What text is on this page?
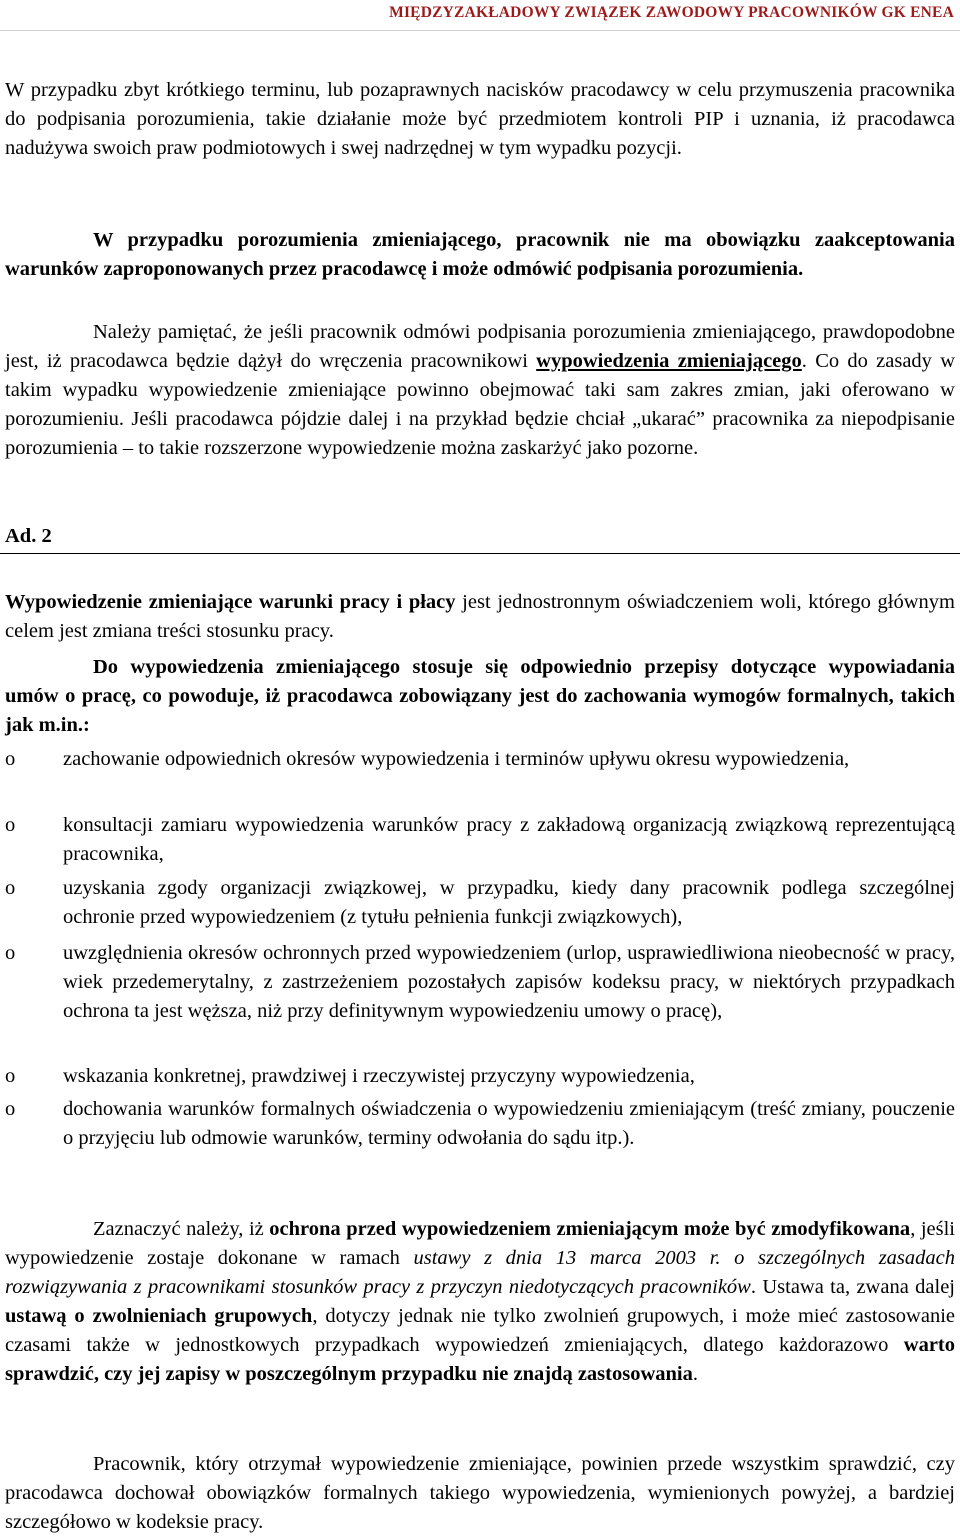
MIĘDZYZAKŁADOWY ZWIĄZEK ZAWODOWY PRACOWNIKÓW GK ENEA

W przypadku zbyt krótkiego terminu, lub pozaprawnych nacisków pracodawcy w celu przymuszenia pracownika do podpisania porozumienia, takie działanie może być przedmiotem kontroli PIP i uznania, iż pracodawca nadużywa swoich praw podmiotowych i swej nadrzędnej w tym wypadku pozycji.

W przypadku porozumienia zmieniającego, pracownik nie ma obowiązku zaakceptowania warunków zaproponowanych przez pracodawcę i może odmówić podpisania porozumienia.

Należy pamiętać, że jeśli pracownik odmówi podpisania porozumienia zmieniającego, prawdopodobne jest, iż pracodawca będzie dążył do wręczenia pracownikowi wypowiedzenia zmieniającego. Co do zasady w takim wypadku wypowiedzenie zmieniające powinno obejmować taki sam zakres zmian, jaki oferowano w porozumieniu. Jeśli pracodawca pójdzie dalej i na przykład będzie chciał „ukarać” pracownika za niepodpisanie porozumienia – to takie rozszerzone wypowiedzenie można zaskarżyć jako pozorne.

Ad. 2

Wypowiedzenie zmieniające warunki pracy i płacy jest jednostronnym oświadczeniem woli, którego głównym celem jest zmiana treści stosunku pracy.

Do wypowiedzenia zmieniającego stosuje się odpowiednio przepisy dotyczące wypowiadania umów o pracę, co powoduje, iż pracodawca zobowiązany jest do zachowania wymogów formalnych, takich jak m.in.:

o zachowanie odpowiednich okresów wypowiedzenia i terminów upływu okresu wypowiedzenia,
o konsultacji zamiaru wypowiedzenia warunków pracy z zakładową organizacją związkową reprezentującą pracownika,
o uzyskania zgody organizacji związkowej, w przypadku, kiedy dany pracownik podlega szczególnej ochronie przed wypowiedzeniem (z tytułu pełnienia funkcji związkowych),
o uwzględnienia okresów ochronnych przed wypowiedzeniem (urlop, usprawiedliwiona nieobecność w pracy, wiek przedemerytalny, z zastrzeżeniem pozostałych zapisów kodeksu pracy, w niektórych przypadkach ochrona ta jest węższa, niż przy definitywnym wypowiedzeniu umowy o pracę),
o wskazania konkretnej, prawdziwej i rzeczywistej przyczyny wypowiedzenia,
o dochowania warunków formalnych oświadczenia o wypowiedzeniu zmieniającym (treść zmiany, pouczenie o przyjęciu lub odmowie warunków, terminy odwołania do sądu itp.).

Zaznaczyć należy, iż ochrona przed wypowiedzeniem zmieniającym może być zmodyfikowana, jeśli wypowiedzenie zostaje dokonane w ramach ustawy z dnia 13 marca 2003 r. o szczególnych zasadach rozwiązywania z pracownikami stosunków pracy z przyczyn niedotyczących pracowników. Ustawa ta, zwana dalej ustawą o zwolnieniach grupowych, dotyczy jednak nie tylko zwolnień grupowych, i może mieć zastosowanie czasami także w jednostkowych przypadkach wypowiedzeń zmieniających, dlatego każdorazowo warto sprawdzić, czy jej zapisy w poszczególnym przypadku nie znajdą zastosowania.

Pracownik, który otrzymał wypowiedzenie zmieniające, powinien przede wszystkim sprawdzić, czy pracodawca dochował obowiązków formalnych takiego wypowiedzenia, wymienionych powyżej, a bardziej szczegółowo w kodeksie pracy.
